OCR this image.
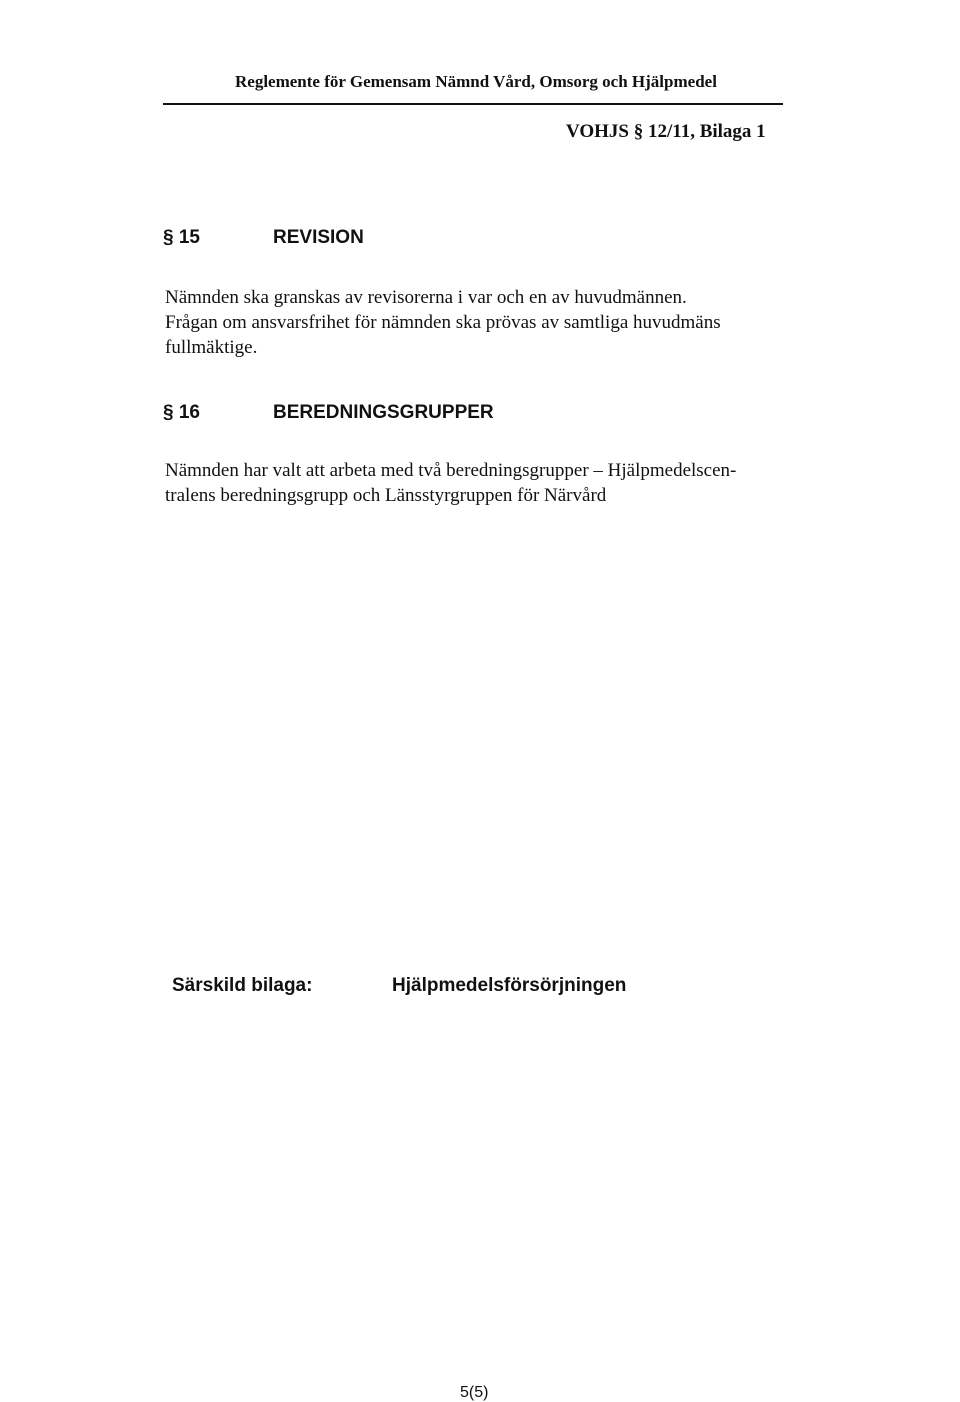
Reglemente för Gemensam Nämnd Vård, Omsorg och Hjälpmedel
VOHJS § 12/11, Bilaga 1
§ 15	REVISION
Nämnden ska granskas av revisorerna i var och en av huvudmännen.
Frågan om ansvarsfrihet för nämnden ska prövas av samtliga huvudmäns
fullmäktige.
§ 16	BEREDNINGSGRUPPER
Nämnden har valt att arbeta med två beredningsgrupper – Hjälpmedelscen-
tralens beredningsgrupp och Länsstyrgruppen för Närvård
Särskild bilaga:	Hjälpmedelsförsörjningen
5(5)
